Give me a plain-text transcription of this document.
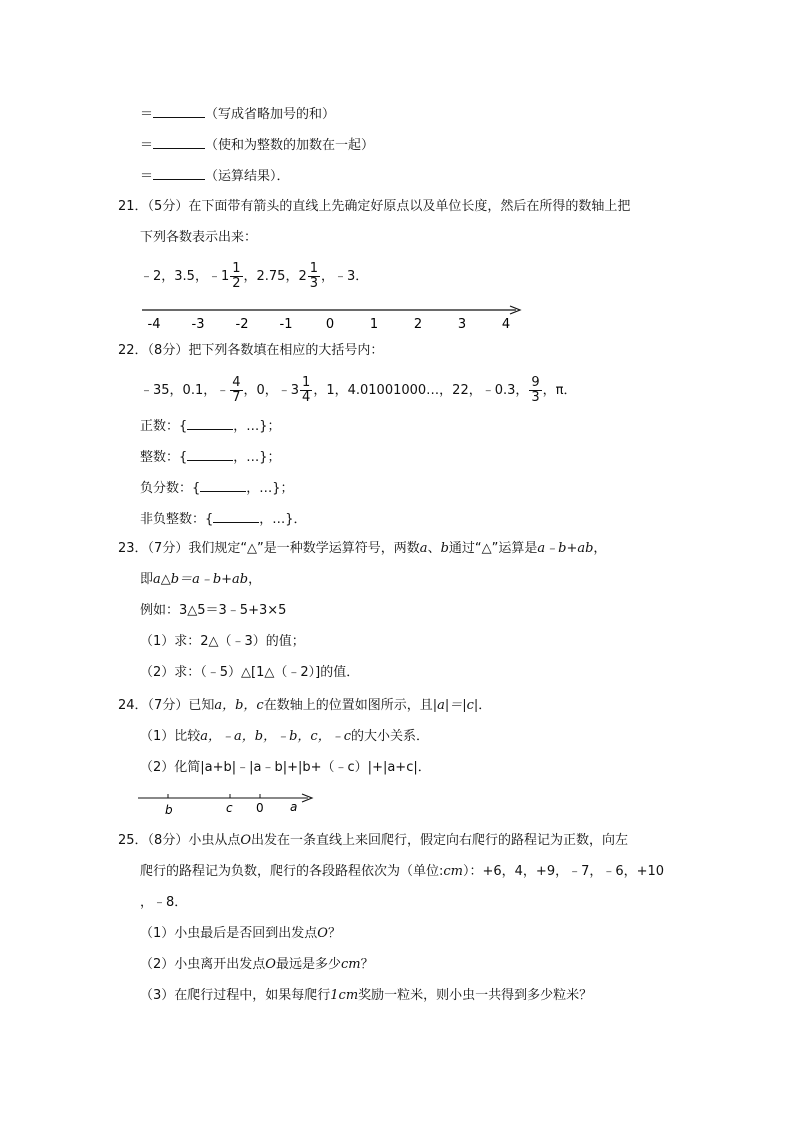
＝	（写成省略加号的和）
＝	（使和为整数的加数在一起）
＝	（运算结果）．
21．（5分）在下面带有箭头的直线上先确定好原点以及单位长度，然后在所得的数轴上把
下列各数表示出来：
﹣2，3.5，﹣1 $\frac{1}{2}$ ，2.75，$2 \frac{1}{3}$ ，﹣3．
-4 -3 -2 -1	0	1	2	3	4
22．（8分）把下列各数填在相应的大括号内：
﹣35，0.1，﹣ $\frac{4}{7}$ ，0，﹣3 $\frac{1}{4}$ ，1，4.01001000…，22，﹣0.3， $\frac{9}{3}$ ，π．
正数：{	，…}；
整数：{	，…}；
负分数：{	，…}；
非负整数：{	，…}．
23．（7分）我们规定“△”是一种数学运算符号，两数a、b通过“△”运算是a﹣b+ab，
即a△b＝a﹣b+ab，
例如：3△5＝3﹣5+3×5
（1）求：2△（﹣3）的值；
（2）求：（﹣5）△[1△（﹣2）]的值．
24．（7分）已知a，b，c在数轴上的位置如图所示，且|a|＝|c|．
（1）比较a，﹣a，b，﹣b，c，﹣c的大小关系．
（2）化简|a+b|﹣|a﹣b|+|b+（﹣c）|+|a+c|．
b	c 0 a
25．（8分）小虫从点O出发在一条直线上来回爬行，假定向右爬行的路程记为正数，向左
爬行的路程记为负数，爬行的各段路程依次为（单位:cm）：+6，4，+9，﹣7，﹣6，+10
，﹣8．
（1）小虫最后是否回到出发点O？
（2）小虫离开出发点O最远是多少cm？
（3）在爬行过程中，如果每爬行1cm奖励一粒米，则小虫一共得到多少粒米？
